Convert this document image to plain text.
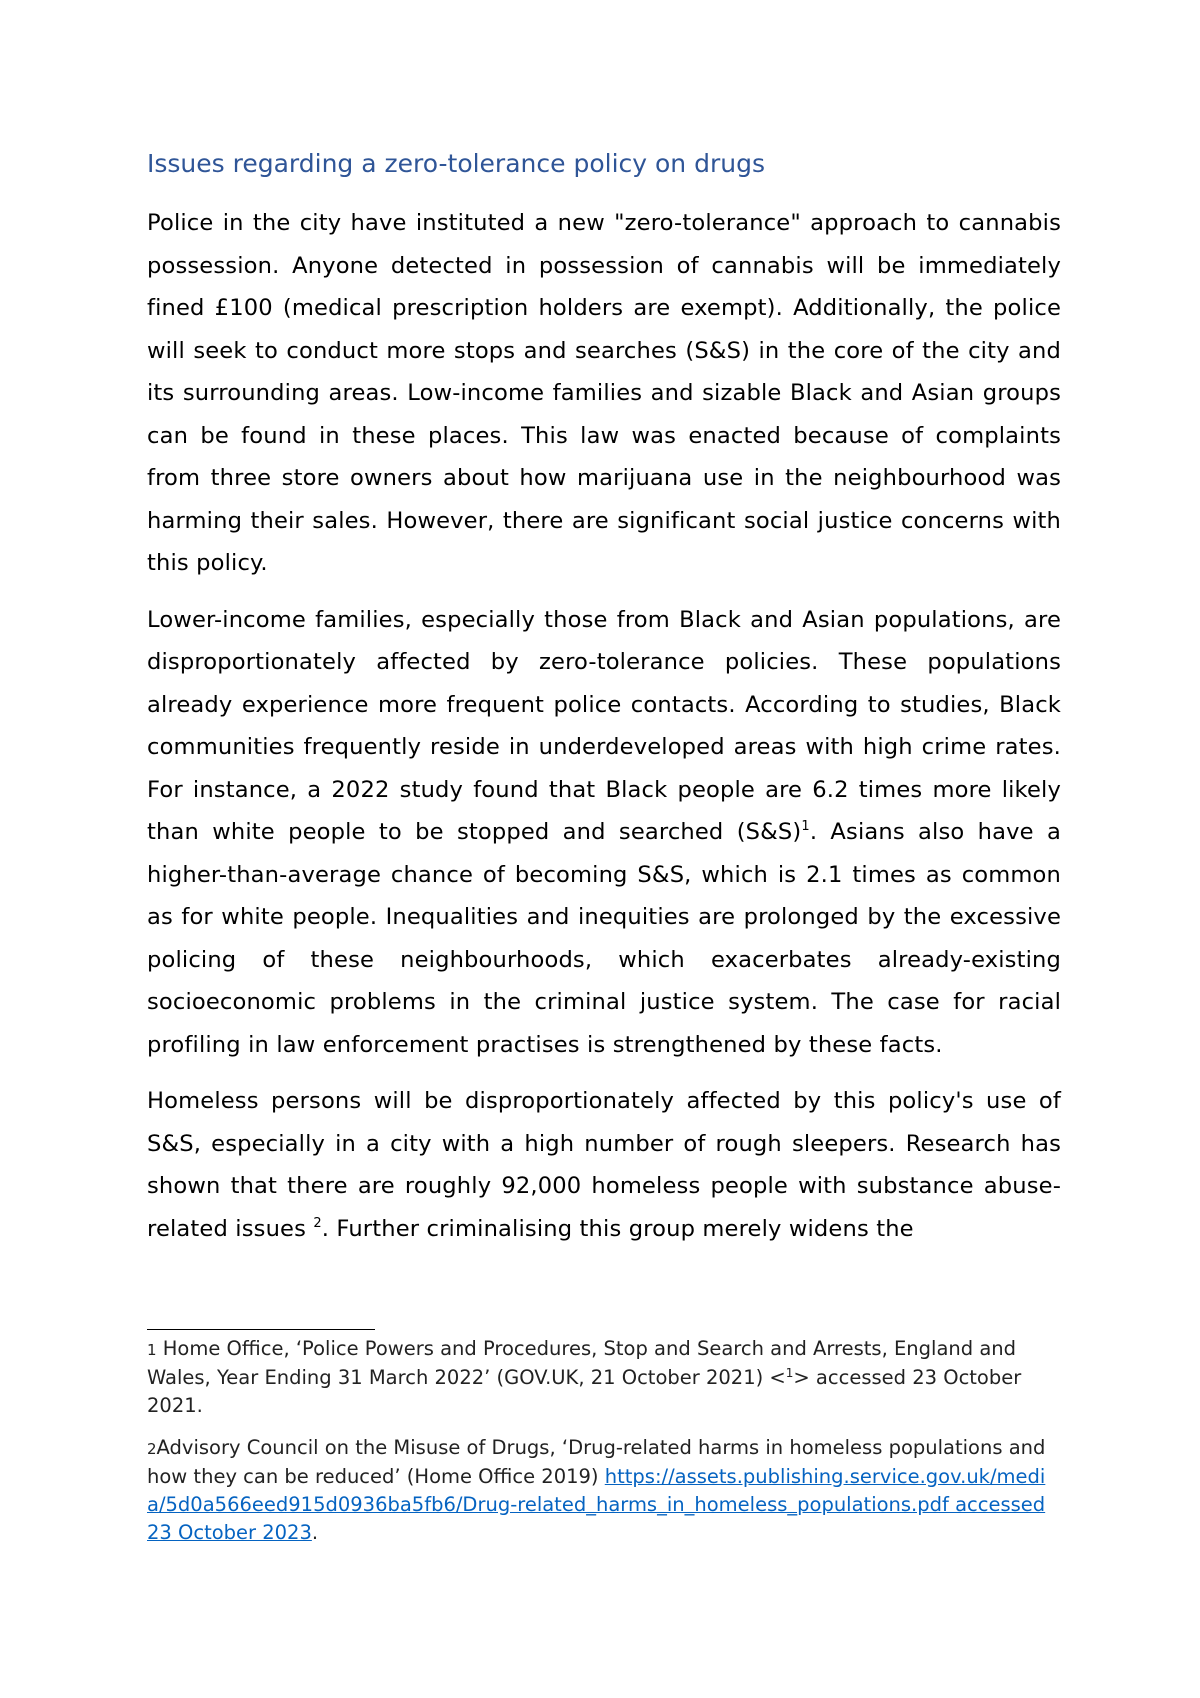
Issues regarding a zero-tolerance policy on drugs

Police in the city have instituted a new "zero-tolerance" approach to cannabis possession. Anyone detected in possession of cannabis will be immediately fined £100 (medical prescription holders are exempt). Additionally, the police will seek to conduct more stops and searches (S&S) in the core of the city and its surrounding areas. Low-income families and sizable Black and Asian groups can be found in these places. This law was enacted because of complaints from three store owners about how marijuana use in the neighbourhood was harming their sales. However, there are significant social justice concerns with this policy.

Lower-income families, especially those from Black and Asian populations, are disproportionately affected by zero-tolerance policies. These populations already experience more frequent police contacts. According to studies, Black communities frequently reside in underdeveloped areas with high crime rates. For instance, a 2022 study found that Black people are 6.2 times more likely than white people to be stopped and searched (S&S)$^1$. Asians also have a higher-than-average chance of becoming S&S, which is 2.1 times as common as for white people. Inequalities and inequities are prolonged by the excessive policing of these neighbourhoods, which exacerbates already-existing socioeconomic problems in the criminal justice system. The case for racial profiling in law enforcement practises is strengthened by these facts.

Homeless persons will be disproportionately affected by this policy's use of S&S, especially in a city with a high number of rough sleepers. Research has shown that there are roughly 92,000 homeless people with substance abuse-related issues $^2$. Further criminalising this group merely widens the

1 Home Office, ‘Police Powers and Procedures, Stop and Search and Arrests, England and Wales, Year Ending 31 March 2022’ (GOV.UK, 21 October 2021) <$^1$> accessed 23 October 2021.

2Advisory Council on the Misuse of Drugs, ‘Drug-related harms in homeless populations and how they can be reduced’ (Home Office 2019) https://assets.publishing.service.gov.uk/media/5d0a566eed915d0936ba5fb6/Drug-related_harms_in_homeless_populations.pdf accessed 23 October 2023.
